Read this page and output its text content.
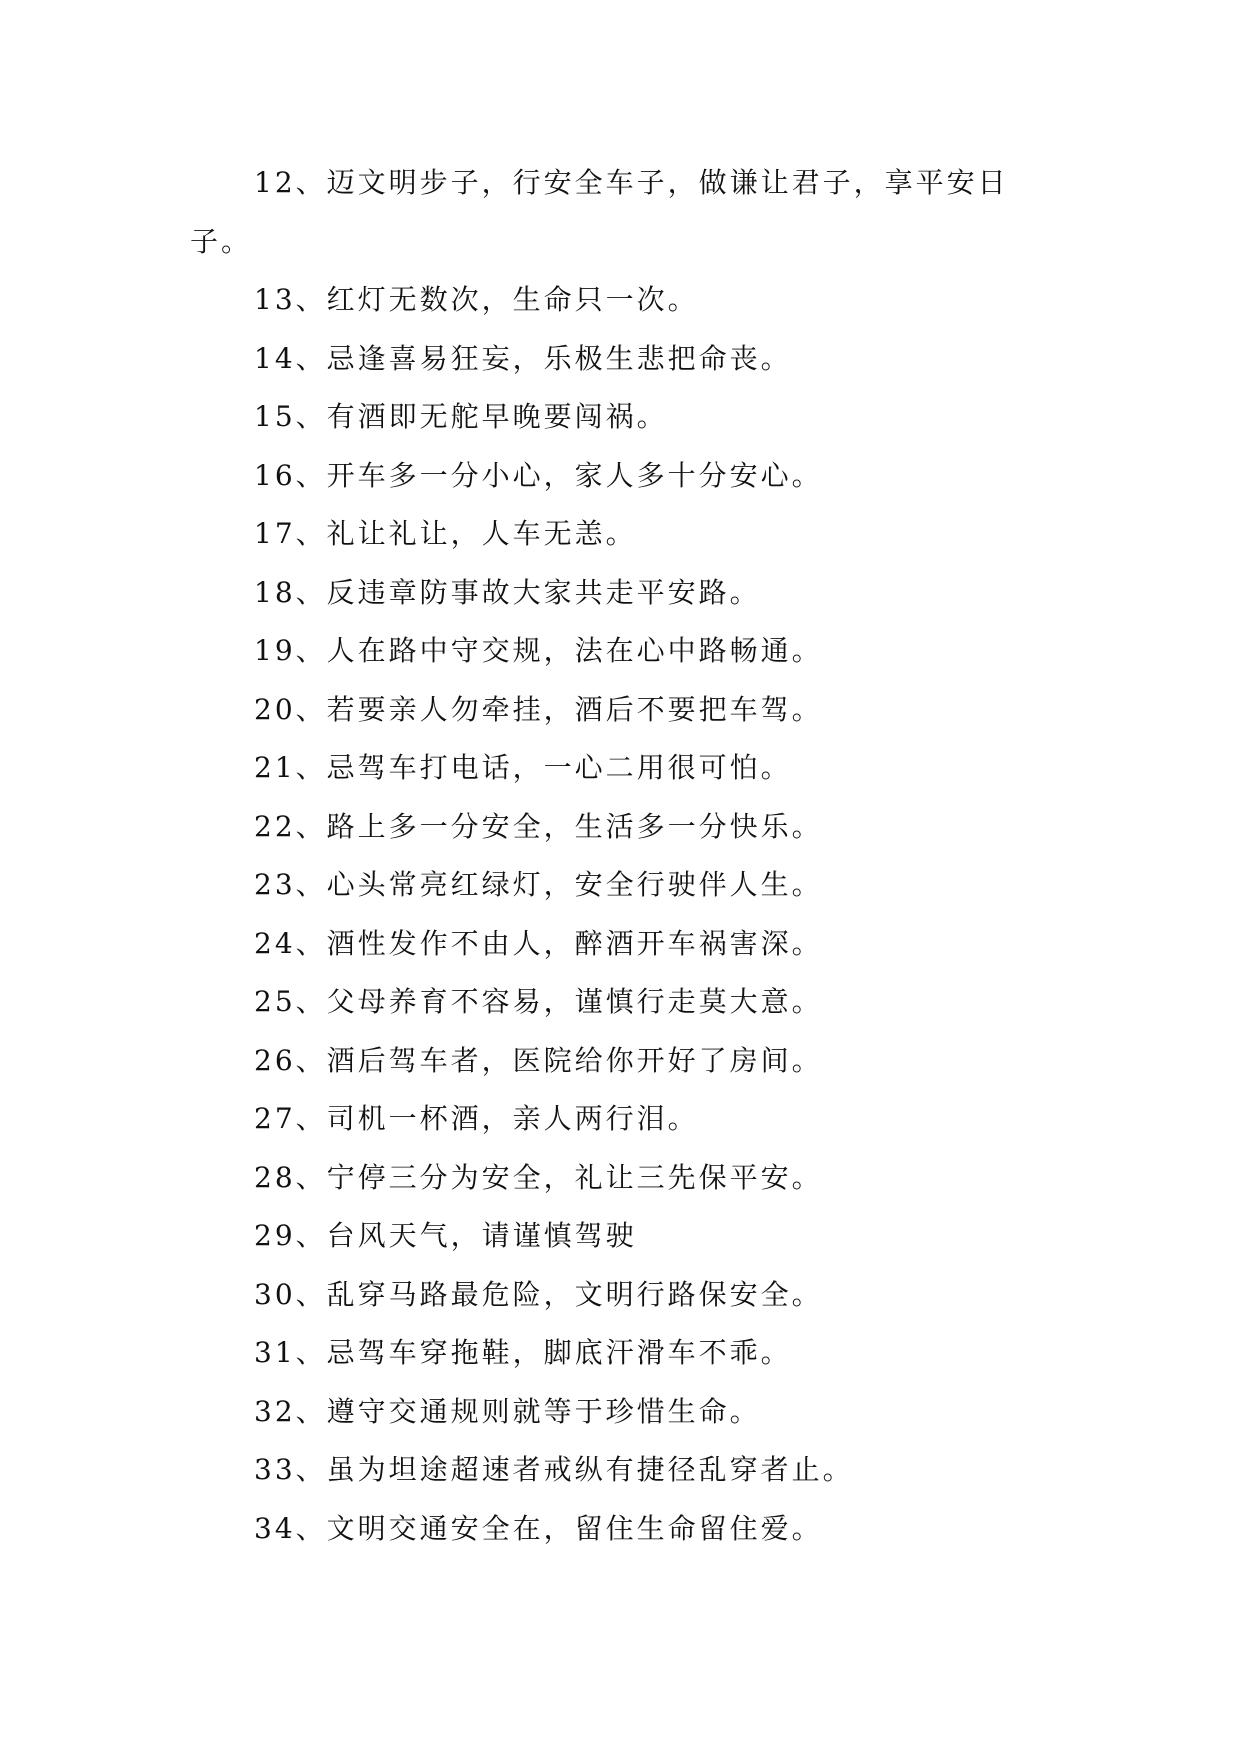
12、迈文明步子，行安全车子，做谦让君子，享平安日子。

13、红灯无数次，生命只一次。

14、忌逢喜易狂妄，乐极生悲把命丧。

15、有酒即无舵早晚要闯祸。

16、开车多一分小心，家人多十分安心。

17、礼让礼让，人车无恙。

18、反违章防事故大家共走平安路。

19、人在路中守交规，法在心中路畅通。

20、若要亲人勿牵挂，酒后不要把车驾。

21、忌驾车打电话，一心二用很可怕。

22、路上多一分安全，生活多一分快乐。

23、心头常亮红绿灯，安全行驶伴人生。

24、酒性发作不由人，醉酒开车祸害深。

25、父母养育不容易，谨慎行走莫大意。

26、酒后驾车者，医院给你开好了房间。

27、司机一杯酒，亲人两行泪。

28、宁停三分为安全，礼让三先保平安。

29、台风天气，请谨慎驾驶

30、乱穿马路最危险，文明行路保安全。

31、忌驾车穿拖鞋，脚底汗滑车不乖。

32、遵守交通规则就等于珍惜生命。

33、虽为坦途超速者戒纵有捷径乱穿者止。

34、文明交通安全在，留住生命留住爱。
